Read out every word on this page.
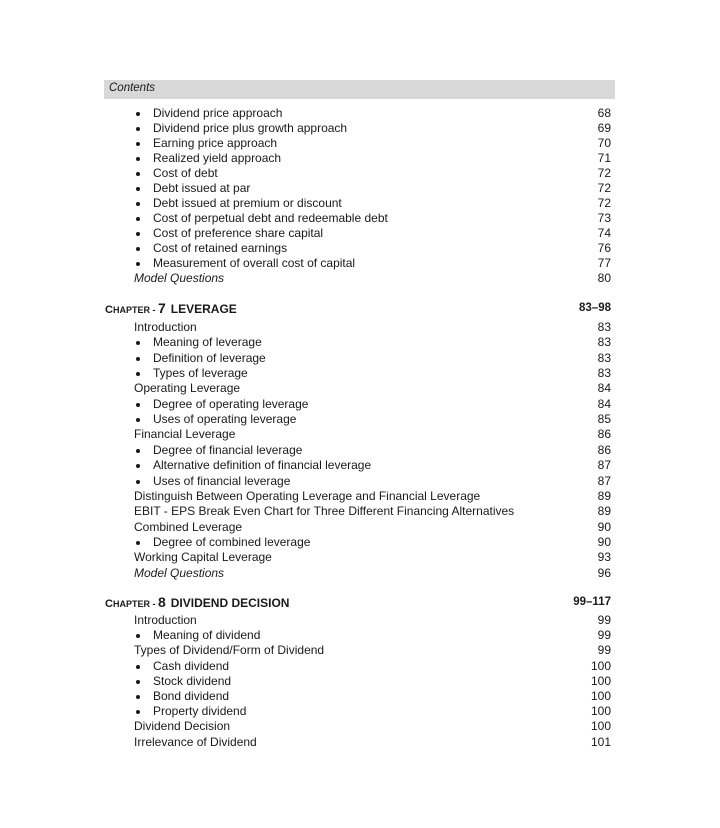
Contents
Dividend price approach	68
Dividend price plus growth approach	69
Earning price approach	70
Realized yield approach	71
Cost of debt	72
Debt issued at par	72
Debt issued at premium or discount	72
Cost of perpetual debt and redeemable debt	73
Cost of preference share capital	74
Cost of retained earnings	76
Measurement of overall cost of capital	77
Model Questions	80
CHAPTER - 7 LEVERAGE	83–98
Introduction	83
Meaning of leverage	83
Definition of leverage	83
Types of leverage	83
Operating Leverage	84
Degree of operating leverage	84
Uses of operating leverage	85
Financial Leverage	86
Degree of financial leverage	86
Alternative definition of financial leverage	87
Uses of financial leverage	87
Distinguish Between Operating Leverage and Financial Leverage	89
EBIT - EPS Break Even Chart for Three Different Financing Alternatives	89
Combined Leverage	90
Degree of combined leverage	90
Working Capital Leverage	93
Model Questions	96
CHAPTER - 8 DIVIDEND DECISION	99–117
Introduction	99
Meaning of dividend	99
Types of Dividend/Form of Dividend	99
Cash dividend	100
Stock dividend	100
Bond dividend	100
Property dividend	100
Dividend Decision	100
Irrelevance of Dividend	101
